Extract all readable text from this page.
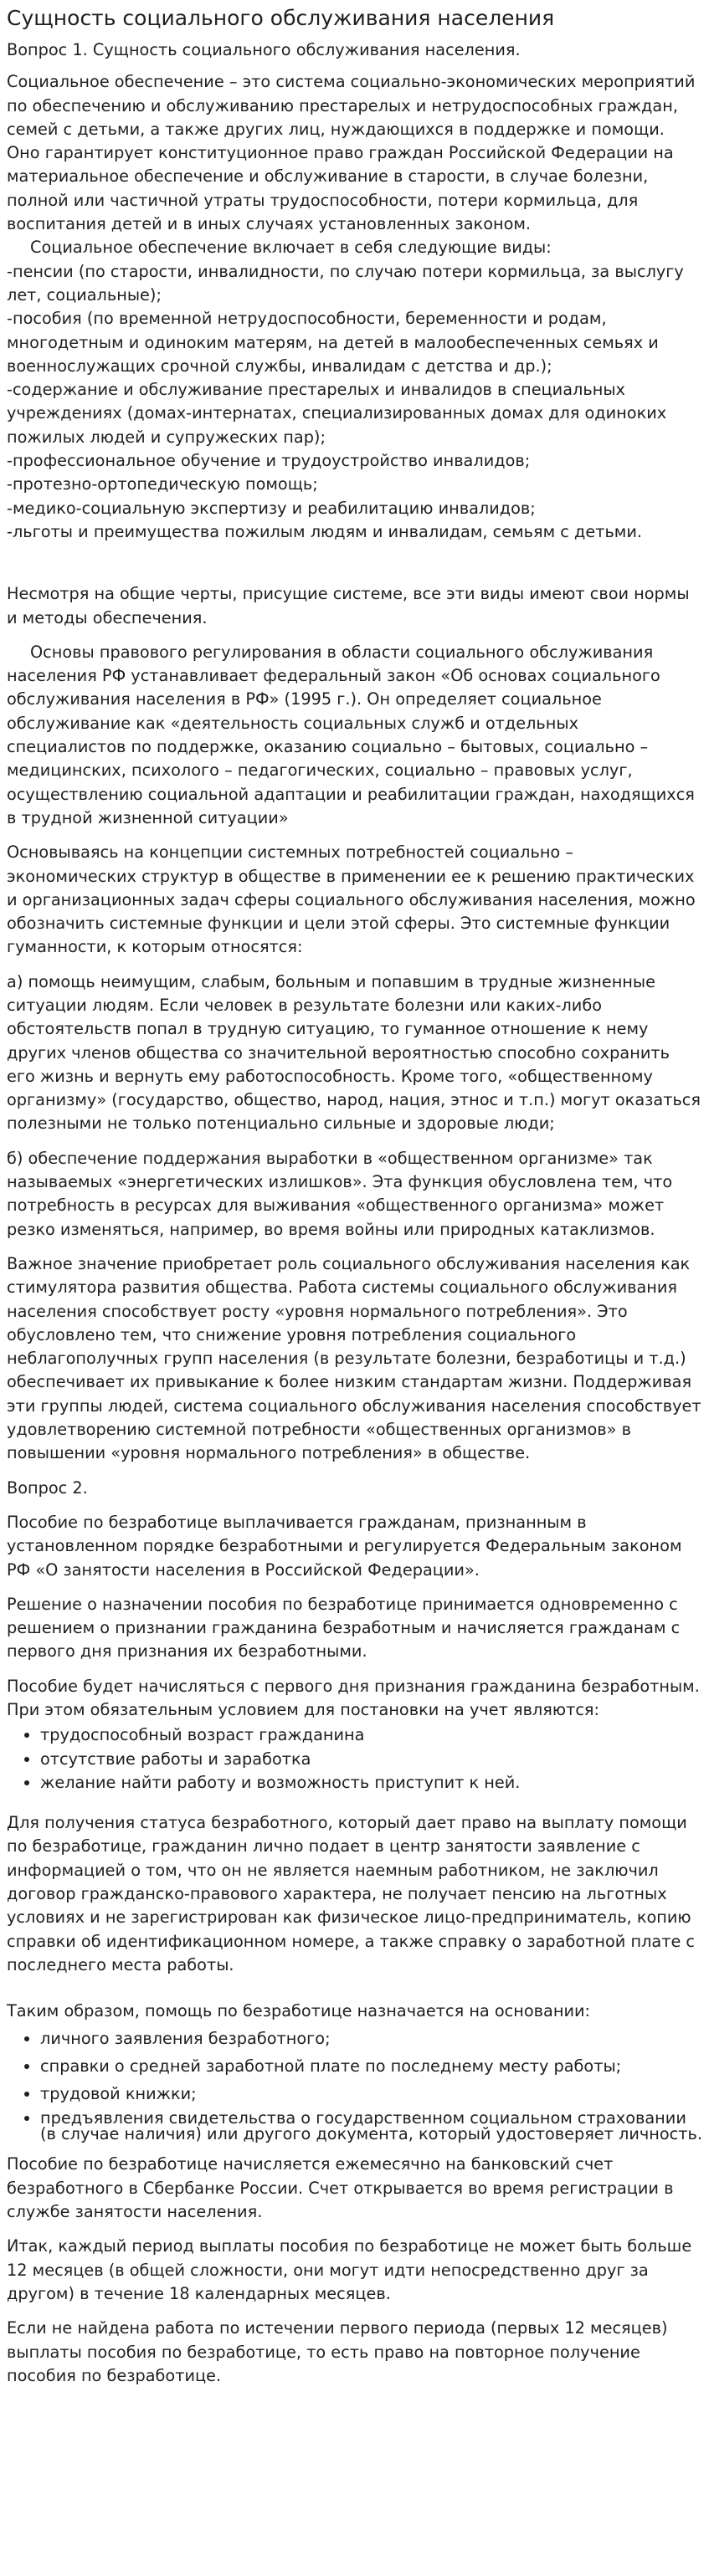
Сущность социального обслуживания населения

Вопрос 1. Сущность социального обслуживания населения.

Социальное обеспечение – это система социально-экономических мероприятий по обеспечению и обслуживанию престарелых и нетрудоспособных граждан, семей с детьми, а также других лиц, нуждающихся в поддержке и помощи. Оно гарантирует конституционное право граждан Российской Федерации на материальное обеспечение и обслуживание в старости, в случае болезни, полной или частичной утраты трудоспособности, потери кормильца, для воспитания детей и в иных случаях установленных законом.

Социальное обеспечение включает в себя следующие виды:

-пенсии (по старости, инвалидности, по случаю потери кормильца, за выслугу лет, социальные);
-пособия (по временной нетрудоспособности, беременности и родам, многодетным и одиноким матерям, на детей в малообеспеченных семьях и военнослужащих срочной службы, инвалидам с детства и др.);
-содержание и обслуживание престарелых и инвалидов в специальных учреждениях (домах-интернатах, специализированных домах для одиноких пожилых людей и супружеских пар);
-профессиональное обучение и трудоустройство инвалидов;
-протезно-ортопедическую помощь;
-медико-социальную экспертизу и реабилитацию инвалидов;
-льготы и преимущества пожилым людям и инвалидам, семьям с детьми.

Несмотря на общие черты, присущие системе, все эти виды имеют свои нормы и методы обеспечения.

Основы правового регулирования в области социального обслуживания населения РФ устанавливает федеральный закон «Об основах социального обслуживания населения в РФ» (1995 г.). Он определяет социальное обслуживание как «деятельность социальных служб и отдельных специалистов по поддержке, оказанию социально – бытовых, социально – медицинских, психолого – педагогических, социально – правовых услуг, осуществлению социальной адаптации и реабилитации граждан, находящихся в трудной жизненной ситуации»

Основываясь на концепции системных потребностей социально – экономических структур в обществе в применении ее к решению практических и организационных задач сферы социального обслуживания населения, можно обозначить системные функции и цели этой сферы. Это системные функции гуманности, к которым относятся:

а) помощь неимущим, слабым, больным и попавшим в трудные жизненные ситуации людям. Если человек в результате болезни или каких-либо обстоятельств попал в трудную ситуацию, то гуманное отношение к нему других членов общества со значительной вероятностью способно сохранить его жизнь и вернуть ему работоспособность. Кроме того, «общественному организму» (государство, общество, народ, нация, этнос и т.п.) могут оказаться полезными не только потенциально сильные и здоровые люди;

б) обеспечение поддержания выработки в «общественном организме» так называемых «энергетических излишков». Эта функция обусловлена тем, что потребность в ресурсах для выживания «общественного организма» может резко изменяться, например, во время войны или природных катаклизмов.

Важное значение приобретает роль социального обслуживания населения как стимулятора развития общества. Работа системы социального обслуживания населения способствует росту «уровня нормального потребления». Это обусловлено тем, что снижение уровня потребления социального неблагополучных групп населения (в результате болезни, безработицы и т.д.) обеспечивает их привыкание к более низким стандартам жизни. Поддерживая эти группы людей, система социального обслуживания населения способствует удовлетворению системной потребности «общественных организмов» в повышении «уровня нормального потребления» в обществе.

Вопрос 2.

Пособие по безработице выплачивается гражданам, признанным в установленном порядке безработными и регулируется Федеральным законом РФ «О занятости населения в Российской Федерации».

Решение о назначении пособия по безработице принимается одновременно с решением о признании гражданина безработным и начисляется гражданам с первого дня признания их безработными.

Пособие будет начисляться с первого дня признания гражданина безработным. При этом обязательным условием для постановки на учет являются:

• трудоспособный возраст гражданина
• отсутствие работы и заработка
• желание найти работу и возможность приступит к ней.

Для получения статуса безработного, который дает право на выплату помощи по безработице, гражданин лично подает в центр занятости заявление с информацией о том, что он не является наемным работником, не заключил договор гражданско-правового характера, не получает пенсию на льготных условиях и не зарегистрирован как физическое лицо-предприниматель, копию справки об идентификационном номере, а также справку о заработной плате с последнего места работы.

Таким образом, помощь по безработице назначается на основании:

• личного заявления безработного;
• справки о средней заработной плате по последнему месту работы;
• трудовой книжки;
• предъявления свидетельства о государственном социальном страховании (в случае наличия) или другого документа, который удостоверяет личность.

Пособие по безработице начисляется ежемесячно на банковский счет безработного в Сбербанке России. Счет открывается во время регистрации в службе занятости населения.

Итак, каждый период выплаты пособия по безработице не может быть больше 12 месяцев (в общей сложности, они могут идти непосредственно друг за другом) в течение 18 календарных месяцев.

Если не найдена работа по истечении первого периода (первых 12 месяцев) выплаты пособия по безработице, то есть право на повторное получение пособия по безработице.
